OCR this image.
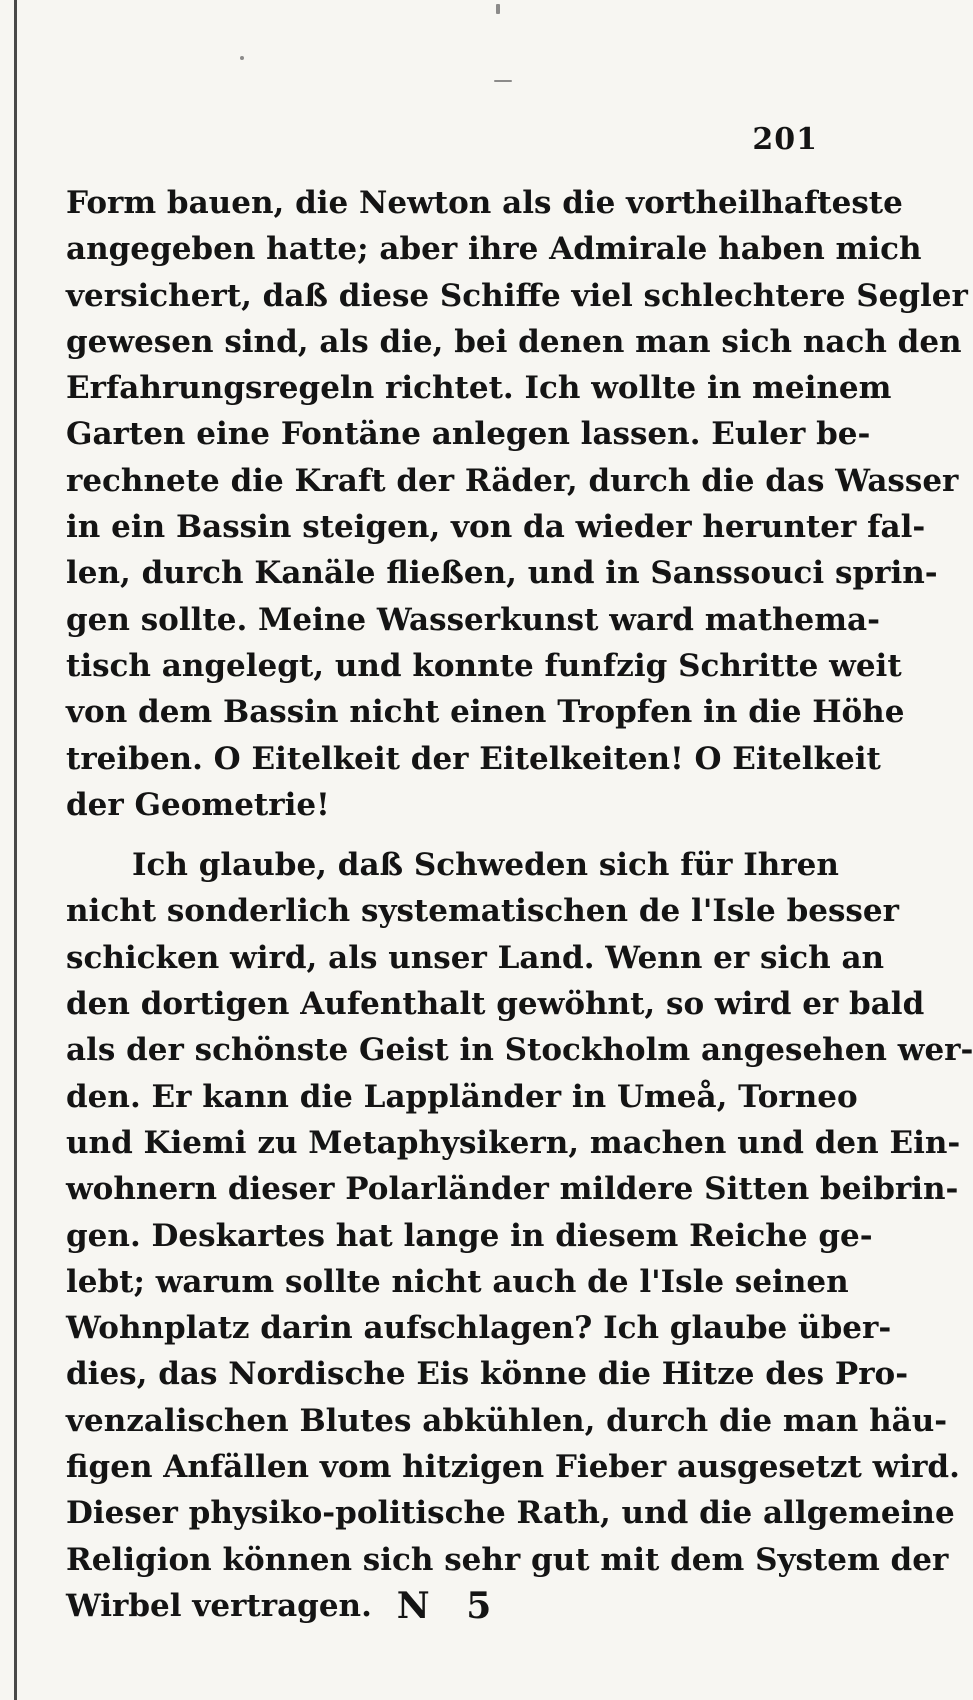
201
Form bauen, die Newton als die vortheilhafteste
angegeben hatte; aber ihre Admirale haben mich
versichert, daß diese Schiffe viel schlechtere Segler
gewesen sind, als die, bei denen man sich nach den
Erfahrungsregeln richtet. Ich wollte in meinem
Garten eine Fontäne anlegen lassen. Euler be-
rechnete die Kraft der Räder, durch die das Wasser
in ein Bassin steigen, von da wieder herunter fal-
len, durch Kanäle fließen, und in Sanssouci sprin-
gen sollte. Meine Wasserkunst ward mathema-
tisch angelegt, und konnte funfzig Schritte weit
von dem Bassin nicht einen Tropfen in die Höhe
treiben. O Eitelkeit der Eitelkeiten! O Eitelkeit
der Geometrie!
Ich glaube, daß Schweden sich für Ihren
nicht sonderlich systematischen de l'Isle besser
schicken wird, als unser Land. Wenn er sich an
den dortigen Aufenthalt gewöhnt, so wird er bald
als der schönste Geist in Stockholm angesehen wer-
den. Er kann die Lappländer in Umeå, Torneo
und Kiemi zu Metaphysikern, machen und den Ein-
wohnern dieser Polarländer mildere Sitten beibrin-
gen. Deskartes hat lange in diesem Reiche ge-
lebt; warum sollte nicht auch de l'Isle seinen
Wohnplatz darin aufschlagen? Ich glaube über-
dies, das Nordische Eis könne die Hitze des Pro-
venzalischen Blutes abkühlen, durch die man häu-
figen Anfällen vom hitzigen Fieber ausgesetzt wird.
Dieser physiko-politische Rath, und die allgemeine
Religion können sich sehr gut mit dem System der
Wirbel vertragen. N 5
